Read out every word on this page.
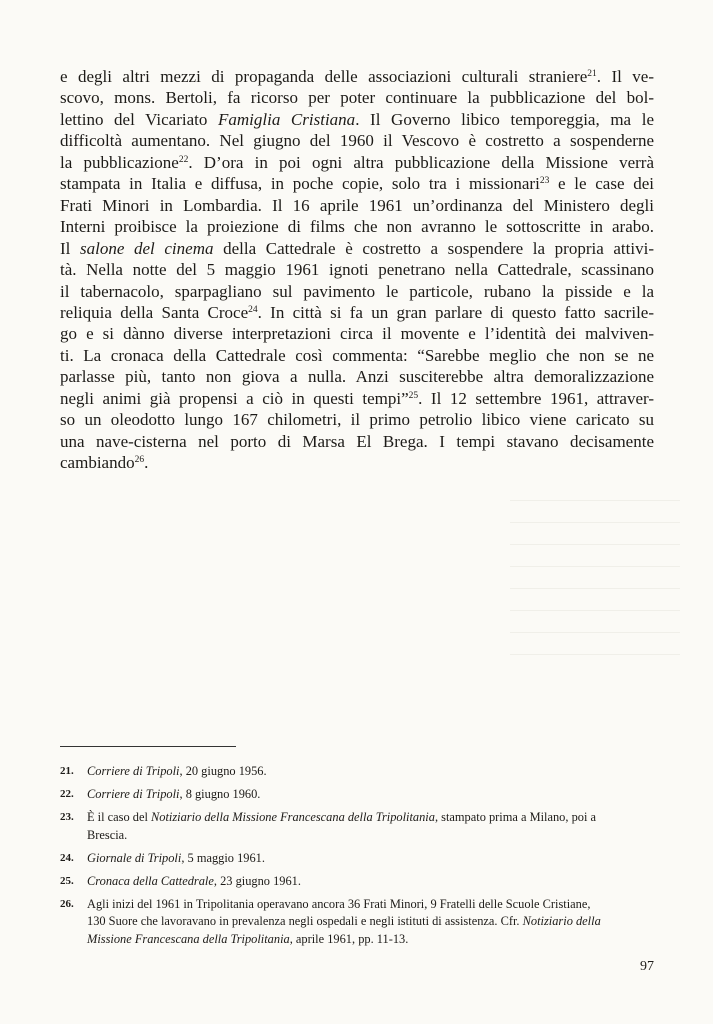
e degli altri mezzi di propaganda delle associazioni culturali straniere$^{21}$. Il ve-
scovo, mons. Bertoli, fa ricorso per poter continuare la pubblicazione del bol-
lettino del Vicariato Famiglia Cristiana. Il Governo libico temporeggia, ma le
difficoltà aumentano. Nel giugno del 1960 il Vescovo è costretto a sospenderne
la pubblicazione$^{22}$. D’ora in poi ogni altra pubblicazione della Missione verrà
stampata in Italia e diffusa, in poche copie, solo tra i missionari$^{23}$ e le case dei
Frati Minori in Lombardia. Il 16 aprile 1961 un’ordinanza del Ministero degli
Interni proibisce la proiezione di films che non avranno le sottoscritte in arabo.
Il salone del cinema della Cattedrale è costretto a sospendere la propria attivi-
tà. Nella notte del 5 maggio 1961 ignoti penetrano nella Cattedrale, scassinano
il tabernacolo, sparpagliano sul pavimento le particole, rubano la pisside e la
reliquia della Santa Croce$^{24}$. In città si fa un gran parlare di questo fatto sacrile-
go e si dànno diverse interpretazioni circa il movente e l’identità dei malviven-
ti. La cronaca della Cattedrale così commenta: “Sarebbe meglio che non se ne
parlasse più, tanto non giova a nulla. Anzi susciterebbe altra demoralizzazione
negli animi già propensi a ciò in questi tempi”$^{25}$. Il 12 settembre 1961, attraver-
so un oleodotto lungo 167 chilometri, il primo petrolio libico viene caricato su
una nave-cisterna nel porto di Marsa El Brega. I tempi stavano decisamente
cambiando$^{26}$.
21. Corriere di Tripoli, 20 giugno 1956.
22. Corriere di Tripoli, 8 giugno 1960.
23. È il caso del Notiziario della Missione Francescana della Tripolitania, stampato prima a Milano, poi a
Brescia.
24. Giornale di Tripoli, 5 maggio 1961.
25. Cronaca della Cattedrale, 23 giugno 1961.
26. Agli inizi del 1961 in Tripolitania operavano ancora 36 Frati Minori, 9 Fratelli delle Scuole Cristiane,
130 Suore che lavoravano in prevalenza negli ospedali e negli istituti di assistenza. Cfr. Notiziario della
Missione Francescana della Tripolitania, aprile 1961, pp. 11-13.
97
